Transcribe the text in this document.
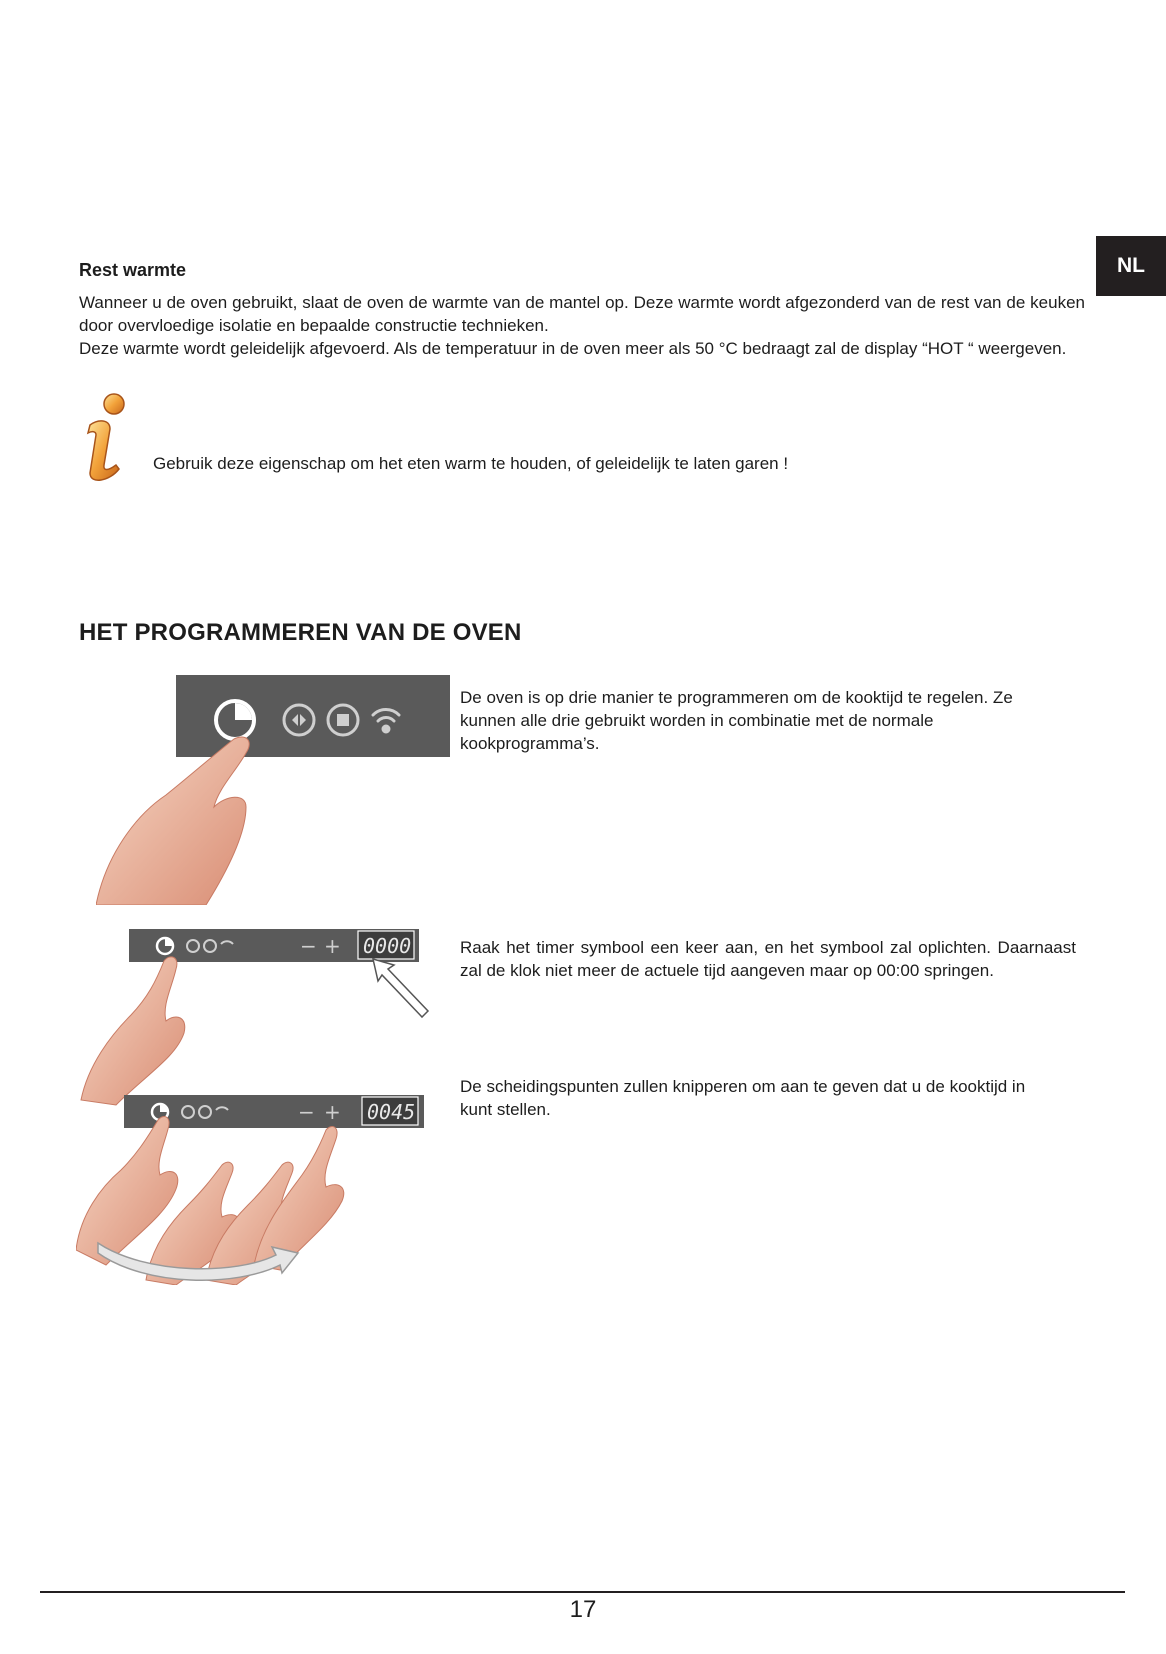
NL
Rest warmte

Wanneer u de oven gebruikt, slaat de oven de warmte van de mantel op. Deze warmte wordt afgezonderd van de rest van de keuken door overvloedige isolatie en bepaalde constructie technieken.

Deze warmte wordt geleidelijk afgevoerd. Als de temperatuur in de oven meer als 50 °C bedraagt zal de display “HOT “ weergeven.

Gebruik deze eigenschap om het eten warm te houden, of geleidelijk te laten garen !

HET PROGRAMMEREN VAN DE OVEN

De oven is op drie manier te programmeren om de kooktijd te regelen. Ze kunnen alle drie gebruikt worden in combinatie met de normale kookprogramma’s.

− + 0000
− + 0045

Raak het timer symbool een keer aan, en het symbool zal oplichten. Daarnaast zal de klok niet meer de actuele tijd aangeven maar op 00:00 springen.

De scheidingspunten zullen knipperen om aan te geven dat u de kooktijd in kunt stellen.

17
